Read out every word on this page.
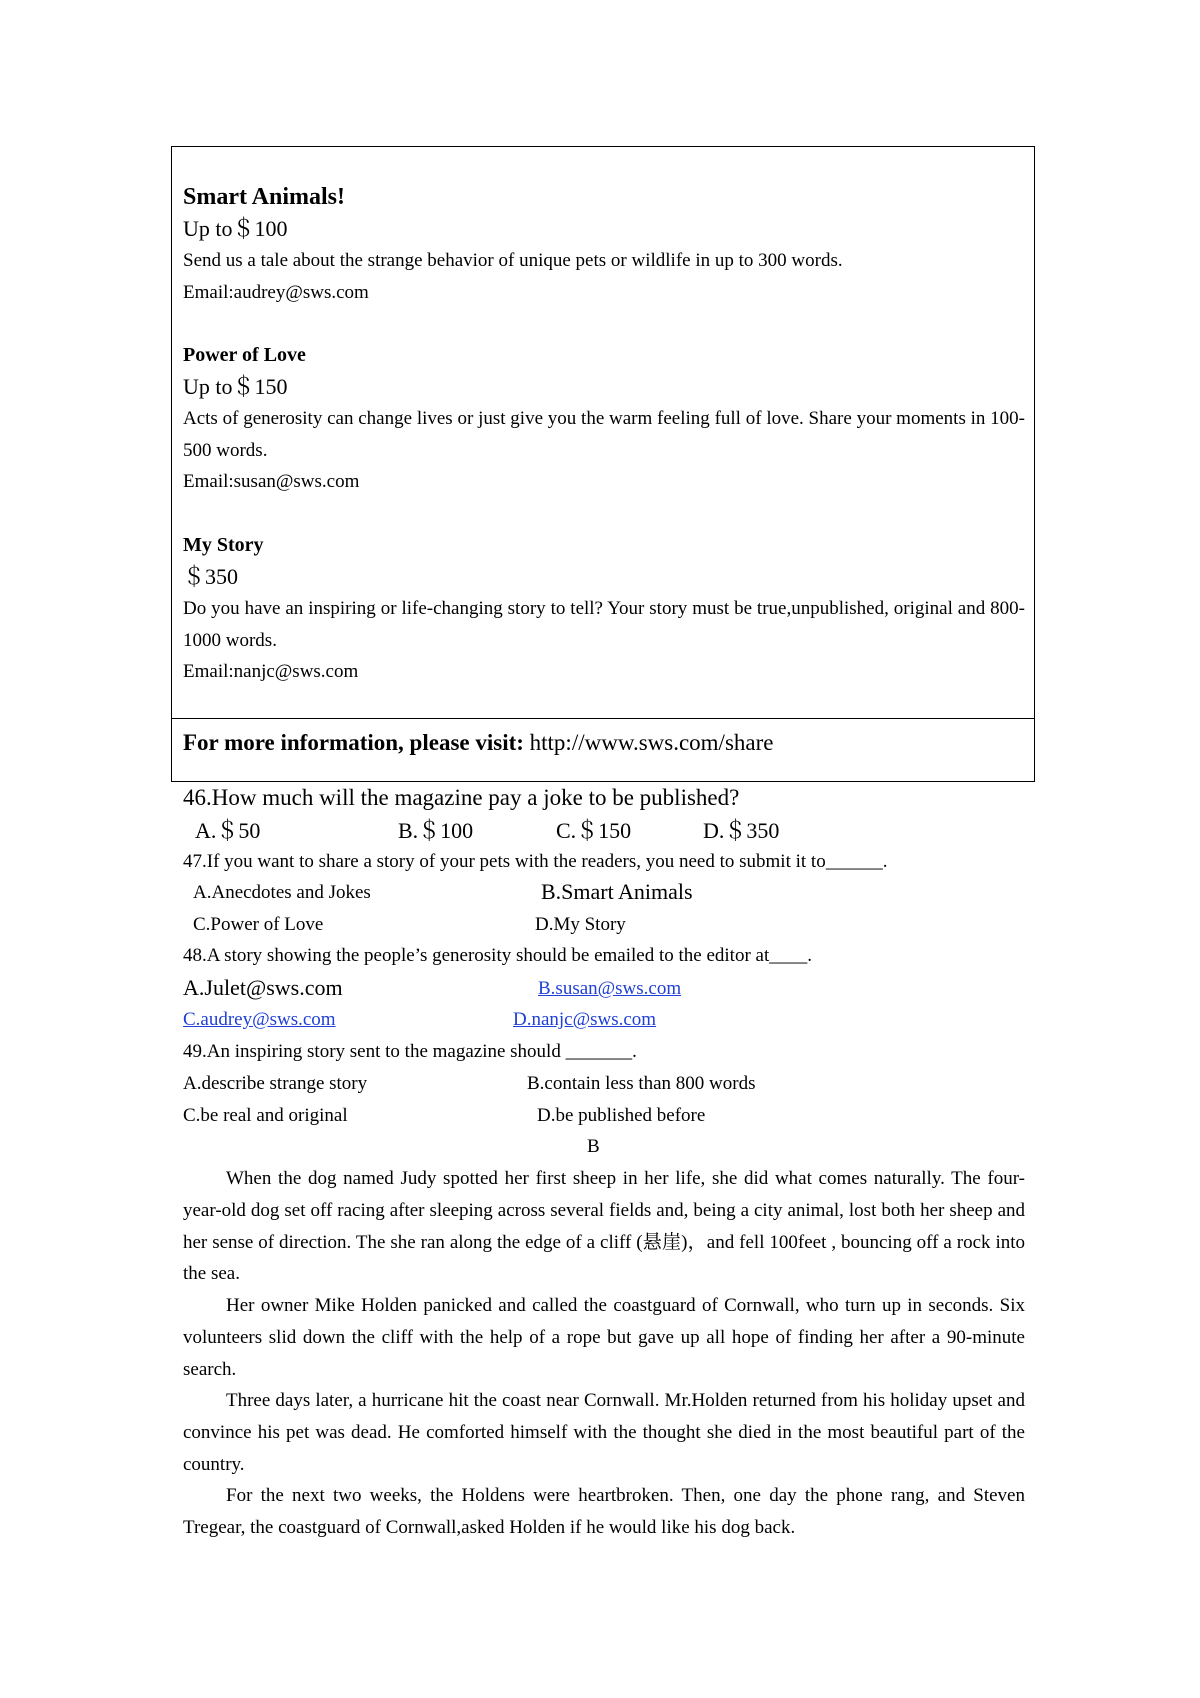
Smart Animals!
Up to＄100
Send us a tale about the strange behavior of unique pets or wildlife in up to 300 words.
Email:audrey@sws.com
Power of Love
Up to＄150
Acts of generosity can change lives or just give you the warm feeling full of love. Share your moments in 100-500 words.
Email:susan@sws.com
My Story
＄350
Do you have an inspiring or life-changing story to tell? Your story must be true,unpublished, original and 800-1000 words.
Email:nanjc@sws.com
For more information, please visit: http://www.sws.com/share
46.How much will the magazine pay a joke to be published?
A.＄50	B.＄100	C.＄150	D.＄350
47.If you want to share a story of your pets with the readers, you need to submit it to______.
A.Anecdotes and Jokes	B.Smart Animals
C.Power of Love	D.My Story
48.A story showing the people’s generosity should be emailed to the editor at____.
A.Julet@sws.com	B.susan@sws.com
C.audrey@sws.com	D.nanjc@sws.com
49.An inspiring story sent to the magazine should _______.
A.describe strange story	B.contain less than 800 words
C.be real and original	D.be published before
B

When the dog named Judy spotted her first sheep in her life, she did what comes naturally. The four-year-old dog set off racing after sleeping across several fields and, being a city animal, lost both her sheep and her sense of direction. The she ran along the edge of a cliff (悬崖)，and fell 100feet , bouncing off a rock into the sea.

Her owner Mike Holden panicked and called the coastguard of Cornwall, who turn up in seconds. Six volunteers slid down the cliff with the help of a rope but gave up all hope of finding her after a 90-minute search.

Three days later, a hurricane hit the coast near Cornwall. Mr.Holden returned from his holiday upset and convince his pet was dead. He comforted himself with the thought she died in the most beautiful part of the country.

For the next two weeks, the Holdens were heartbroken. Then, one day the phone rang, and Steven Tregear, the coastguard of Cornwall,asked Holden if he would like his dog back.
